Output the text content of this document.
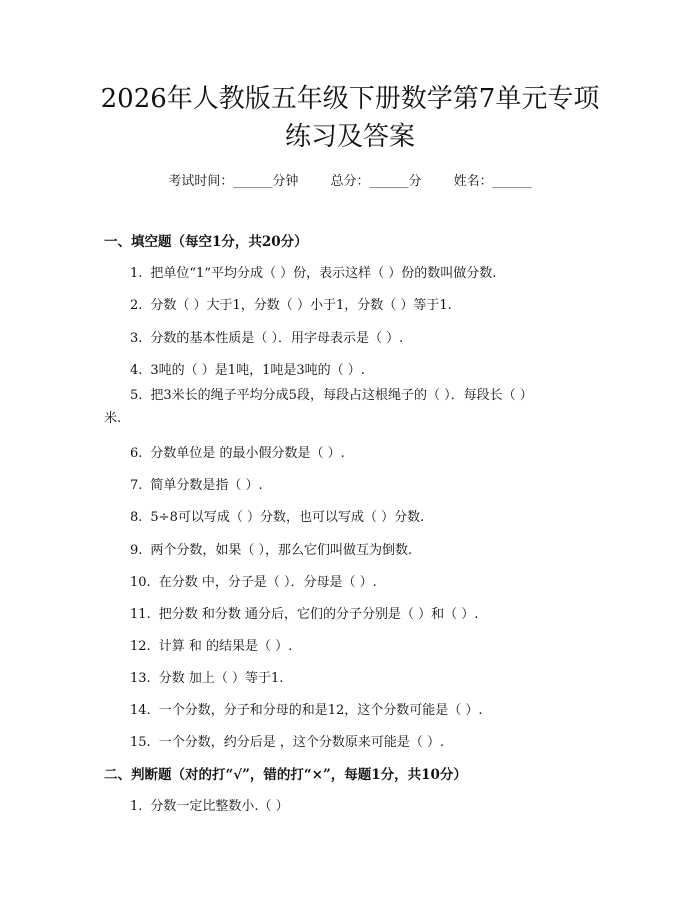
2026年人教版五年级下册数学第7单元专项
练习及答案
考试时间：______分钟 总分：______分 姓名：______
一、填空题（每空1分，共20分）
1. 把单位“1”平均分成（ ）份，表示这样（ ）份的数叫做分数.
2. 分数（ ）大于1，分数（ ）小于1，分数（ ）等于1.
3. 分数的基本性质是（ ）．用字母表示是（ ）.
4. 3吨的（ ）是1吨，1吨是3吨的（ ）.
5. 把3米长的绳子平均分成5段，每段占这根绳子的（ ）．每段长（ ）
米.
6. 分数单位是 的最小假分数是（ ）.
7. 简单分数是指（ ）.
8. 5÷8可以写成（ ）分数，也可以写成（ ）分数.
9. 两个分数，如果（ ），那么它们叫做互为倒数.
10. 在分数 中，分子是（ ）．分母是（ ）.
11. 把分数 和分数 通分后，它们的分子分别是（ ）和（ ）.
12. 计算 和 的结果是（ ）.
13. 分数 加上（ ）等于1.
14. 一个分数，分子和分母的和是12，这个分数可能是（ ）.
15. 一个分数，约分后是 ，这个分数原来可能是（ ）.
二、判断题（对的打“√”，错的打“×”，每题1分，共10分）
1. 分数一定比整数小.（ ）
